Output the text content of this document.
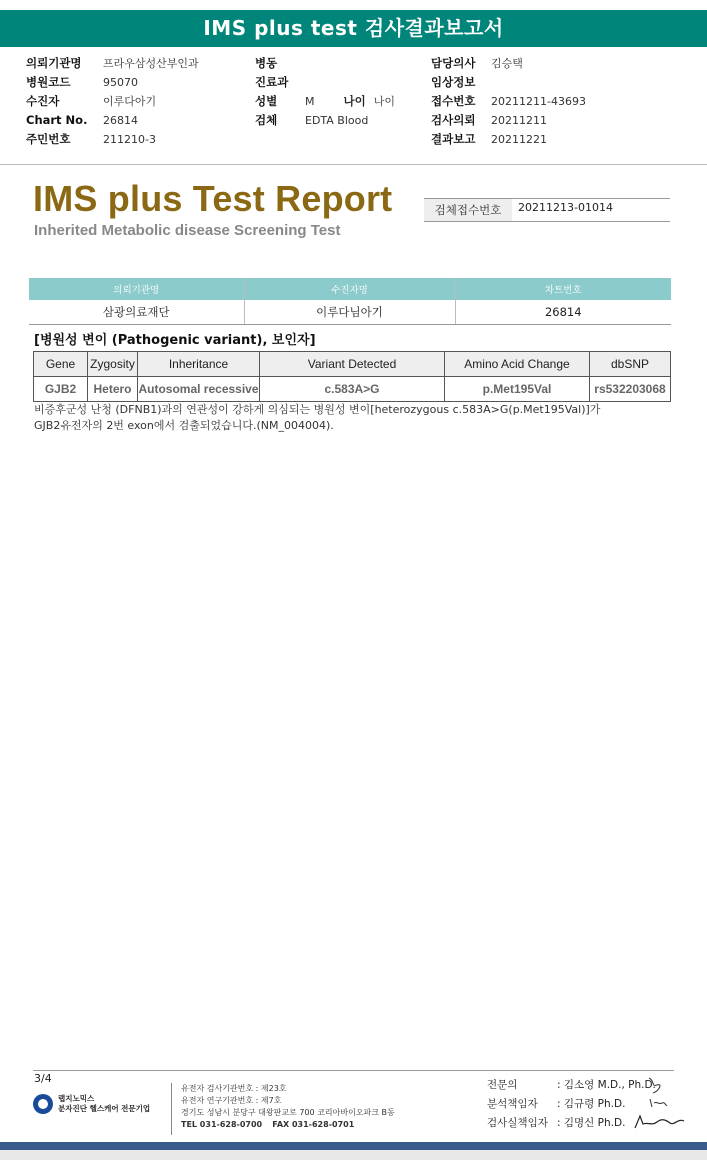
IMS plus test 검사결과보고서
의뢰기관명	프라우삼성산부인과
병원코드	95070
수진자	이루다아기
Chart No.	26814
주민번호	211210-3
병동
진료과
성별	M	나이 나이
검체	EDTA Blood
담당의사	김승택
임상정보
접수번호	20211211-43693
검사의뢰	20211211
결과보고	20211221
IMS plus Test Report
Inherited Metabolic disease Screening Test
검체접수번호	20211213-01014
의뢰기관명	수진자명	차트번호
삼광의료재단	이루다님아기	26814
[병원성 변이 (Pathogenic variant), 보인자]
Gene	Zygosity	Inheritance	Variant Detected	Amino Acid Change	dbSNP
GJB2	Hetero	Autosomal recessive	c.583A>G	p.Met195Val	rs532203068
비증후군성 난청 (DFNB1)과의 연관성이 강하게 의심되는 병원성 변이[heterozygous c.583A>G(p.Met195Val)]가
GJB2유전자의 2번 exon에서 검출되었습니다.(NM_004004).
3/4
랩지노믹스
분자진단 헬스케어 전문기업
유전자 검사기관번호 : 제23호
유전자 연구기관번호 : 제7호
경기도 성남시 분당구 대왕판교로 700 코리아바이오파크 B동
TEL 031-628-0700 FAX 031-628-0701
전문의	: 김소영
M.D., Ph.D.
분석책임자	: 김규령
Ph.D.
검사실책임자 : 김명신
Ph.D.
